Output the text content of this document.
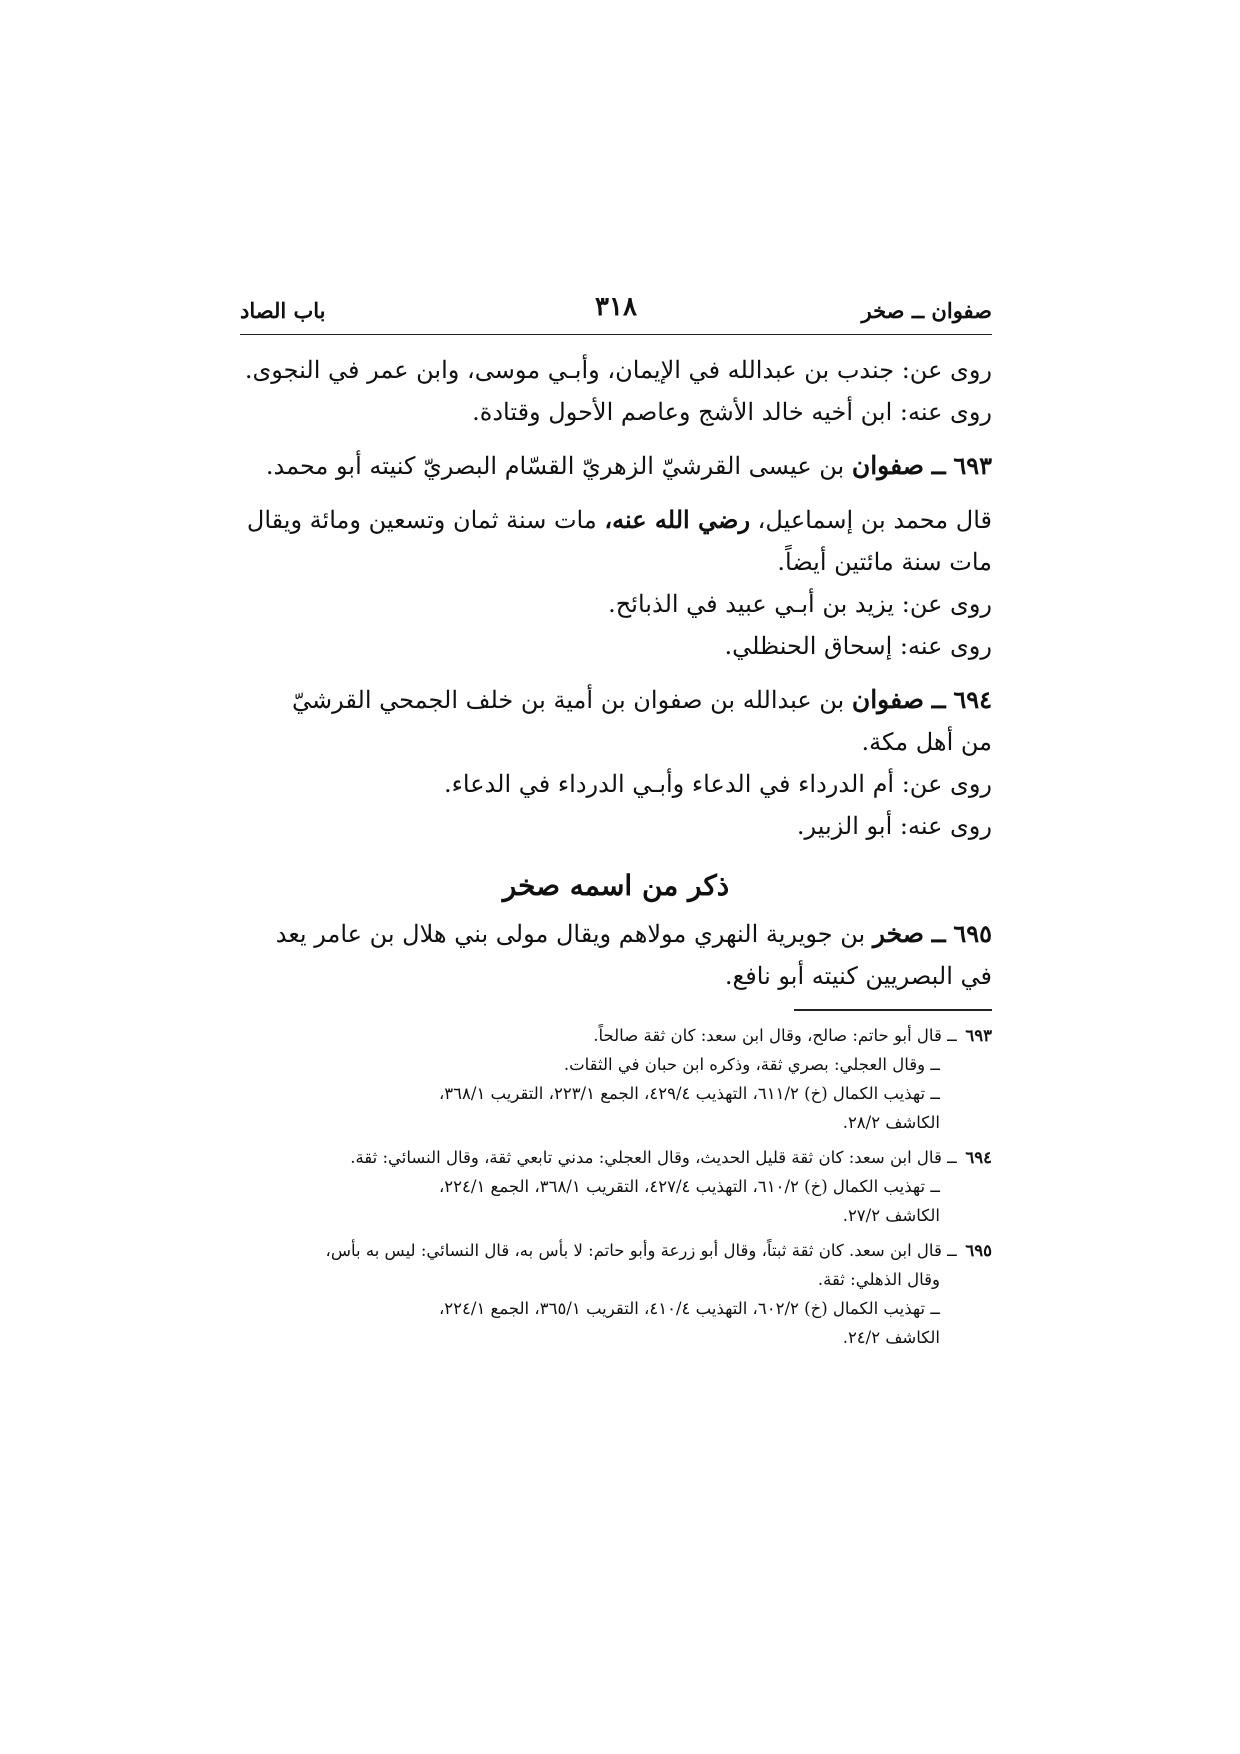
صفوان ــ صخر
٣١٨
باب الصاد

روى عن: جندب بن عبدالله في الإيمان، وأبـي موسى، وابن عمر في النجوى.

روى عنه: ابن أخيه خالد الأشج وعاصم الأحول وقتادة.

٦٩٣ ــ صفوان بن عيسى القرشيّ الزهريّ القسّام البصريّ كنيته أبو محمد.

قال محمد بن إسماعيل، رضي الله عنه، مات سنة ثمان وتسعين ومائة ويقال

مات سنة مائتين أيضاً.

روى عن: يزيد بن أبـي عبيد في الذبائح.

روى عنه: إسحاق الحنظلي.

٦٩٤ ــ صفوان بن عبدالله بن صفوان بن أمية بن خلف الجمحي القرشيّ

من أهل مكة.

روى عن: أم الدرداء في الدعاء وأبـي الدرداء في الدعاء.

روى عنه: أبو الزبير.

ذكر من اسمه صخر

٦٩٥ ــ صخر بن جويرية النهري مولاهم ويقال مولى بني هلال بن عامر يعد

في البصريين كنيته أبو نافع.

٦٩٣ ــ قال أبو حاتم: صالح، وقال ابن سعد: كان ثقة صالحاً.

ــ وقال العجلي: بصري ثقة، وذكره ابن حبان في الثقات.

ــ تهذيب الكمال (خ) ٦١١/٢، التهذيب ٤٢٩/٤، الجمع ٢٢٣/١، التقريب ٣٦٨/١،

الكاشف ٢٨/٢.

٦٩٤ ــ قال ابن سعد: كان ثقة قليل الحديث، وقال العجلي: مدني تابعي ثقة، وقال النسائي: ثقة.

ــ تهذيب الكمال (خ) ٦١٠/٢، التهذيب ٤٢٧/٤، التقريب ٣٦٨/١، الجمع ٢٢٤/١،

الكاشف ٢٧/٢.

٦٩٥ ــ قال ابن سعد. كان ثقة ثبتاً، وقال أبو زرعة وأبو حاتم: لا بأس به، قال النسائي: ليس به بأس،

وقال الذهلي: ثقة.

ــ تهذيب الكمال (خ) ٦٠٢/٢، التهذيب ٤١٠/٤، التقريب ٣٦٥/١، الجمع ٢٢٤/١،

الكاشف ٢٤/٢.
